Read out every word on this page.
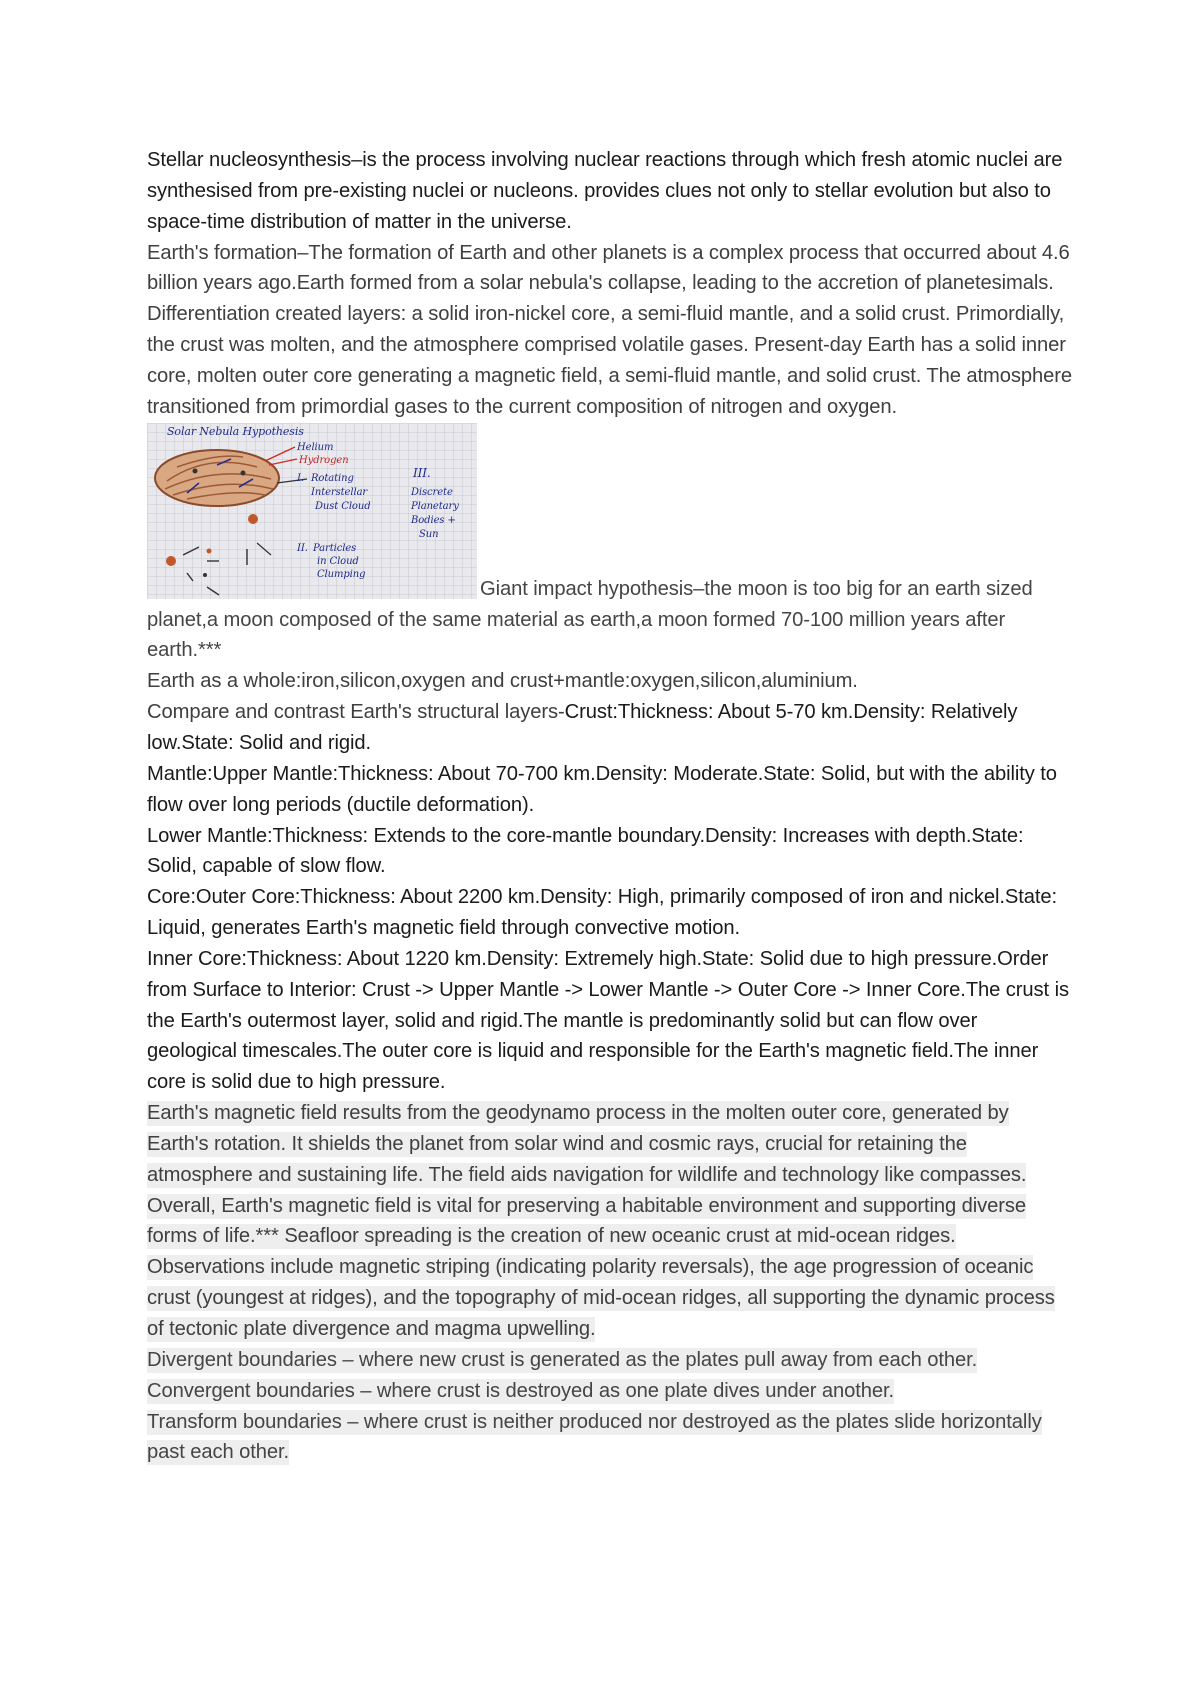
Stellar nucleosynthesis–is the process involving nuclear reactions through which fresh atomic nuclei are synthesised from pre-existing nuclei or nucleons. provides clues not only to stellar evolution but also to space-time distribution of matter in the universe.

Earth's formation–The formation of Earth and other planets is a complex process that occurred about 4.6 billion years ago.Earth formed from a solar nebula's collapse, leading to the accretion of planetesimals. Differentiation created layers: a solid iron-nickel core, a semi-fluid mantle, and a solid crust. Primordially, the crust was molten, and the atmosphere comprised volatile gases. Present-day Earth has a solid inner core, molten outer core generating a magnetic field, a semi-fluid mantle, and solid crust. The atmosphere transitioned from primordial gases to the current composition of nitrogen and oxygen.

Solar Nebula Hypothesis
Helium
Hydrogen
I. Rotating
Interstellar
Dust Cloud
II. Particles
in Cloud
Clumping
III.
Discrete
Planetary
Bodies +
Sun

Giant impact hypothesis–the moon is too big for an earth sized planet,a moon composed of the same material as earth,a moon formed 70-100 million years after earth.***

Earth as a whole:iron,silicon,oxygen and crust+mantle:oxygen,silicon,aluminium.

Compare and contrast Earth's structural layers-Crust:Thickness: About 5-70 km.Density: Relatively low.State: Solid and rigid.

Mantle:Upper Mantle:Thickness: About 70-700 km.Density: Moderate.State: Solid, but with the ability to flow over long periods (ductile deformation).

Lower Mantle:Thickness: Extends to the core-mantle boundary.Density: Increases with depth.State: Solid, capable of slow flow.

Core:Outer Core:Thickness: About 2200 km.Density: High, primarily composed of iron and nickel.State: Liquid, generates Earth's magnetic field through convective motion.

Inner Core:Thickness: About 1220 km.Density: Extremely high.State: Solid due to high pressure.Order from Surface to Interior: Crust -> Upper Mantle -> Lower Mantle -> Outer Core -> Inner Core.The crust is the Earth's outermost layer, solid and rigid.The mantle is predominantly solid but can flow over geological timescales.The outer core is liquid and responsible for the Earth's magnetic field.The inner core is solid due to high pressure.

Earth's magnetic field results from the geodynamo process in the molten outer core, generated by Earth's rotation. It shields the planet from solar wind and cosmic rays, crucial for retaining the atmosphere and sustaining life. The field aids navigation for wildlife and technology like compasses. Overall, Earth's magnetic field is vital for preserving a habitable environment and supporting diverse forms of life.*** Seafloor spreading is the creation of new oceanic crust at mid-ocean ridges. Observations include magnetic striping (indicating polarity reversals), the age progression of oceanic crust (youngest at ridges), and the topography of mid-ocean ridges, all supporting the dynamic process of tectonic plate divergence and magma upwelling.

Divergent boundaries – where new crust is generated as the plates pull away from each other. Convergent boundaries – where crust is destroyed as one plate dives under another.
Transform boundaries – where crust is neither produced nor destroyed as the plates slide horizontally past each other.
